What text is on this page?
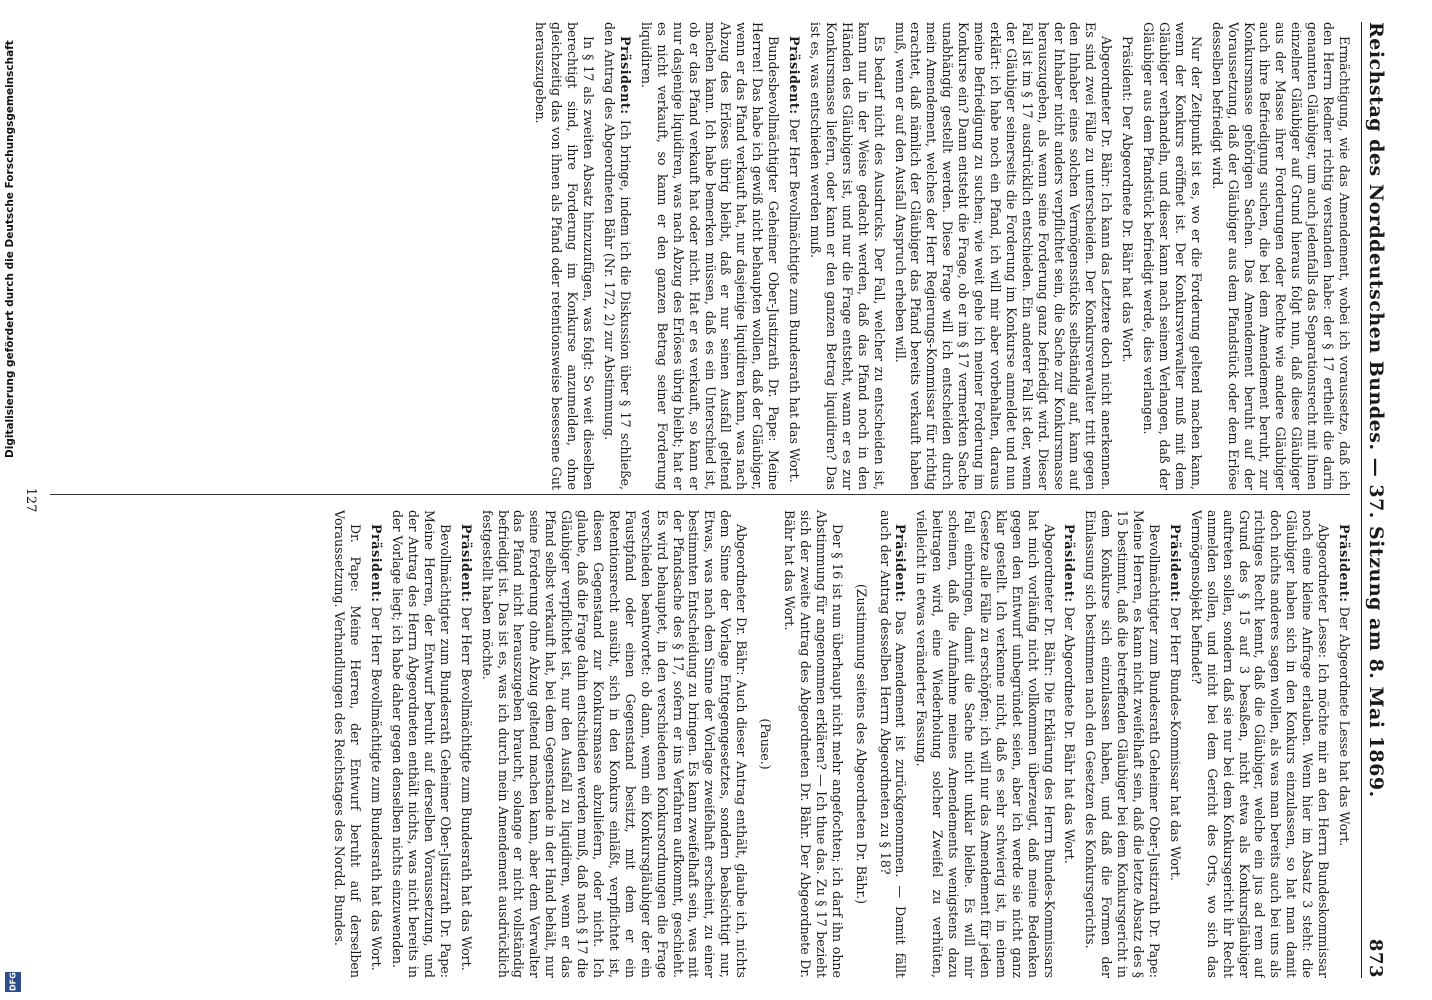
Reichstag des Norddeutschen Bundes. — 37. Sitzung am 8. Mai 1869.
873

Ermächtigung, wie das Amendement, wobei ich voraussetze, daß ich den Herrn Redner richtig verstanden habe: der § 17 ertheilt die darin genannten Gläubiger, um auch jedenfalls das Separationsrecht mit ihnen einzelner Gläubiger auf Grund hieraus folgt nun, daß diese Gläubiger aus der Masse ihrer Forderungen oder Rechte wie andere Gläubiger auch ihre Befriedigung suchen, die bei dem Amendement beruht, zur Konkursmasse gehörigen Sachen. Das Amendement beruht auf der Voraussetzung, daß der Gläubiger aus dem Pfandstück oder dem Erlöse desselben befriedigt wird.

Nur der Zeitpunkt ist es, wo er die Forderung geltend machen kann, wenn der Konkurs eröffnet ist. Der Konkursverwalter muß mit dem Gläubiger verhandeln, und dieser kann nach seinem Verlangen, daß der Gläubiger aus dem Pfandstück befriedigt werde, dies verlangen.

Präsident: Der Abgeordnete Dr. Bähr hat das Wort.

Abgeordneter Dr. Bähr: Ich kann das Letztere doch nicht anerkennen. Es sind zwei Fälle zu unterscheiden. Der Konkursverwalter tritt gegen den Inhaber eines solchen Vermögensstücks selbständig auf, kann auf der Inhaber nicht anders verpflichtet sein, die Sache zur Konkursmasse herauszugeben, als wenn seine Forderung ganz befriedigt wird. Dieser Fall ist im § 17 ausdrücklich entschieden. Ein anderer Fall ist der, wenn der Gläubiger seinerseits die Forderung im Konkurse anmeldet und nun erklärt: ich habe noch ein Pfand, ich will mir aber vorbehalten, daraus meine Befriedigung zu suchen; wie weit gehe ich meiner Forderung im Konkurse ein? Dann entsteht die Frage, ob er im § 17 vermerkten Sache unabhängig gestellt werden. Diese Frage will ich entscheiden durch mein Amendement, welches der Herr Regierungs-Kommissar für richtig erachtet, daß nämlich der Gläubiger das Pfand bereits verkauft haben muß, wenn er auf den Ausfall Anspruch erheben will.

Es bedarf nicht des Ausdrucks. Der Fall, welcher zu entscheiden ist, kann nur in der Weise gedacht werden, daß das Pfand noch in den Händen des Gläubigers ist, und nur die Frage entsteht, wann er es zur Konkursmasse liefern, oder kann er den ganzen Betrag liquidiren? Das ist es, was entschieden werden muß.

Präsident: Der Herr Bevollmächtigte zum Bundesrath hat das Wort.

Bundesbevollmächtigter Geheimer Ober-Justizrath Dr. Pape: Meine Herren! Das habe ich gewiß nicht behaupten wollen, daß der Gläubiger, wenn er das Pfand verkauft hat, nur dasjenige liquidiren kann, was nach Abzug des Erlöses übrig bleibt, daß er nur seinen Ausfall geltend machen kann. Ich habe bemerken müssen, daß es ein Unterschied ist, ob er das Pfand verkauft hat oder nicht. Hat er es verkauft, so kann er nur dasjenige liquidiren, was nach Abzug des Erlöses übrig bleibt; hat er es nicht verkauft, so kann er den ganzen Betrag seiner Forderung liquidiren.

Präsident: Ich bringe, indem ich die Diskussion über § 17 schließe, den Antrag des Abgeordneten Bähr (Nr. 172, 2) zur Abstimmung.

In § 17 als zweiten Absatz hinzuzufügen, was folgt: So weit dieselben berechtigt sind, ihre Forderung im Konkurse anzumelden, ohne gleichzeitig das von ihnen als Pfand oder retentionsweise besessene Gut herauszugeben.

Präsident: Der Abgeordnete Lesse hat das Wort.

Abgeordneter Lesse: Ich möchte mir an den Herrn Bundeskommissar noch eine kleine Anfrage erlauben. Wenn hier im Absatz 3 steht: die Gläubiger haben sich in den Konkurs einzulassen, so hat man damit doch nichts anderes sagen wollen, als was man bereits auch bei uns als richtiges Recht kennt, daß die Gläubiger, welche ein jus ad rem auf Grund des § 15 auf 3 besaßen, nicht etwa als Konkursgläubiger auftreten sollen, sondern daß sie nur bei dem Konkursgericht ihr Recht anmelden sollen, und nicht bei dem Gericht des Orts, wo sich das Vermögensobjekt befindet?

Präsident: Der Herr Bundes-Kommissar hat das Wort.

Bevollmächtigter zum Bundesrath Geheimer Ober-Justizrath Dr. Pape: Meine Herren, es kann nicht zweifelhaft sein, daß die letzte Absatz des § 15 bestimmt, daß die betreffenden Gläubiger bei dem Konkursgericht in dem Konkurse sich einzulassen haben, und daß die Formen der Einlassung sich bestimmen nach den Gesetzen des Konkursgerichts.

Präsident: Der Abgeordnete Dr. Bähr hat das Wort.

Abgeordneter Dr. Bähr: Die Erklärung des Herrn Bundes-Kommissars hat mich vorläufig nicht vollkommen überzeugt, daß meine Bedenken gegen den Entwurf unbegründet seien, aber ich werde sie nicht ganz klar gestellt. Ich verkenne nicht, daß es sehr schwierig ist, in einem Gesetze alle Fälle zu erschöpfen; ich will nur das Amendement für jeden Fall einbringen, damit die Sache nicht unklar bleibe. Es will mir scheinen, daß die Aufnahme meines Amendements wenigstens dazu beitragen wird, eine Wiederholung solcher Zweifel zu verhüten, vielleicht in etwas veränderter Fassung.

Präsident: Das Amendement ist zurückgenommen. — Damit fällt auch der Antrag desselben Herrn Abgeordneten zu § 18?

(Zustimmung seitens des Abgeordneten Dr. Bähr.)

Der § 16 ist nun überhaupt nicht mehr angefochten; ich darf ihn ohne Abstimmung für angenommen erklären? — Ich thue das. Zu § 17 bezieht sich der zweite Antrag des Abgeordneten Dr. Bähr. Der Abgeordnete Dr. Bähr hat das Wort.

(Pause.)

Abgeordneter Dr. Bähr: Auch dieser Antrag enthält, glaube ich, nichts dem Sinne der Vorlage Entgegengesetztes, sondern beabsichtigt nur, Etwas, was nach dem Sinne der Vorlage zweifelhaft erscheint, zu einer bestimmten Entscheidung zu bringen. Es kann zweifelhaft sein, was mit der Pfandsache des § 17, sofern er ins Verfahren aufkommt, geschieht. Es wird behauptet, in den verschiedenen Konkursordnungen die Frage verschieden beantwortet: ob dann, wenn ein Konkursgläubiger der ein Faustpfand oder einen Gegenstand besitzt, mit dem er ein Retentionsrecht ausübt, sich in den Konkurs einläßt, verpflichtet ist, diesen Gegenstand zur Konkursmasse abzuliefern, oder nicht. Ich glaube, daß die Frage dahin entschieden werden muß, daß nach § 17 die Gläubiger verpflichtet ist, nur den Ausfall zu liquidiren, wenn er das Pfand selbst verkauft hat, bei dem Gegenstande in der Hand behält, nur seine Forderung ohne Abzug geltend machen kann, aber dem Verwalter das Pfand nicht herauszugeben braucht, solange er nicht vollständig befriedigt ist. Das ist es, was ich durch mein Amendement ausdrücklich festgestellt haben möchte.

Präsident: Der Herr Bevollmächtigte zum Bundesrath hat das Wort.

Bevollmächtigter zum Bundesrath Geheimer Ober-Justizrath Dr. Pape: Meine Herren, der Entwurf beruht auf derselben Voraussetzung, und der Antrag des Herrn Abgeordneten enthält nichts, was nicht bereits in der Vorlage liegt; ich habe daher gegen denselben nichts einzuwenden.

Präsident: Der Herr Bevollmächtigte zum Bundesrath hat das Wort.

Dr. Pape: Meine Herren, der Entwurf beruht auf derselben Voraussetzung. Verhandlungen des Reichstages des Nordd. Bundes.

127
Digitalisierung gefördert durch die Deutsche Forschungsgemeinschaft
DFG
